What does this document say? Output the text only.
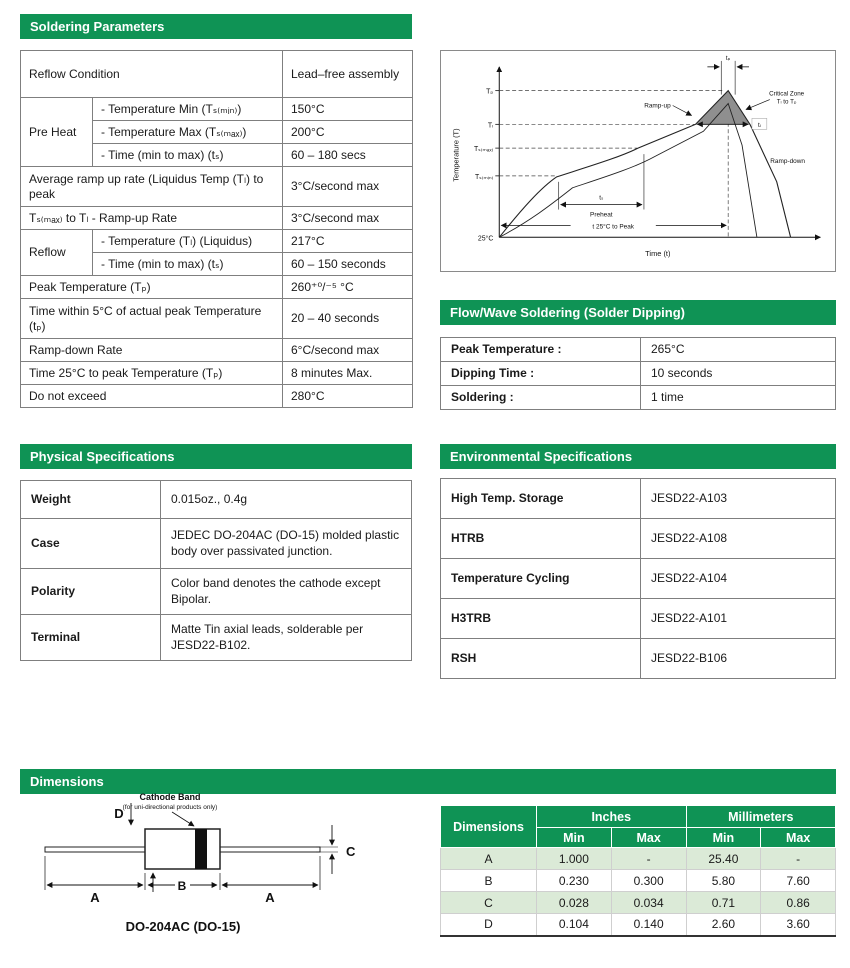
Soldering Parameters
Flow/Wave Soldering (Solder Dipping)
Physical Specifications	Environmental Specifications
Dimensions
Reflow Condition		Lead–free assembly
Pre Heat	- Temperature Min (Tₛ₍ₘᵢₙ₎)	150°C
	- Temperature Max (Tₛ₍ₘₐₓ₎)	200°C
	- Time (min to max) (tₛ)	60 – 180 secs
Average ramp up rate (Liquidus Temp (Tₗ) to peak		3°C/second max
Tₛ₍ₘₐₓ₎ to Tₗ - Ramp-up Rate		3°C/second max
Reflow	- Temperature (Tₗ) (Liquidus)	217°C
	- Time (min to max) (tₛ)	60 – 150 seconds
Peak Temperature (Tₚ)		260⁺⁰/⁻⁵ °C
Time within 5°C of actual peak Temperature (tₚ)		20 – 40 seconds
Ramp-down Rate		6°C/second max
Time 25°C to peak Temperature (Tₚ)		8 minutes Max.
Do not exceed		280°C
Temperature (T)
Time (t)
Tₚ
Tₗ
Tₛ₍ₘₐₓ₎
Tₛ₍ₘᵢₙ₎
25°C
tₚ
Ramp-up
Critical Zone
Tₗ to Tₚ
tₗ
tₛ
Preheat
Ramp-down
t 25°C to Peak
Peak Temperature :	265°C
Dipping Time :	10 seconds
Soldering :	1 time
Weight	0.015oz., 0.4g
Case	JEDEC DO-204AC (DO-15) molded plastic body over passivated junction.
Polarity	Color band denotes the cathode except Bipolar.
Terminal	Matte Tin axial leads, solderable per JESD22-B102.
High Temp. Storage	JESD22-A103
HTRB	JESD22-A108
Temperature Cycling	JESD22-A104
H3TRB	JESD22-A101
RSH	JESD22-B106
Cathode Band
(for uni-directional products only)
D
C
A
B
A
DO-204AC (DO-15)
Dimensions	Inches		Millimeters	
	Min	Max	Min	Max
A	1.000	-	25.40	-
B	0.230	0.300	5.80	7.60
C	0.028	0.034	0.71	0.86
D	0.104	0.140	2.60	3.60
